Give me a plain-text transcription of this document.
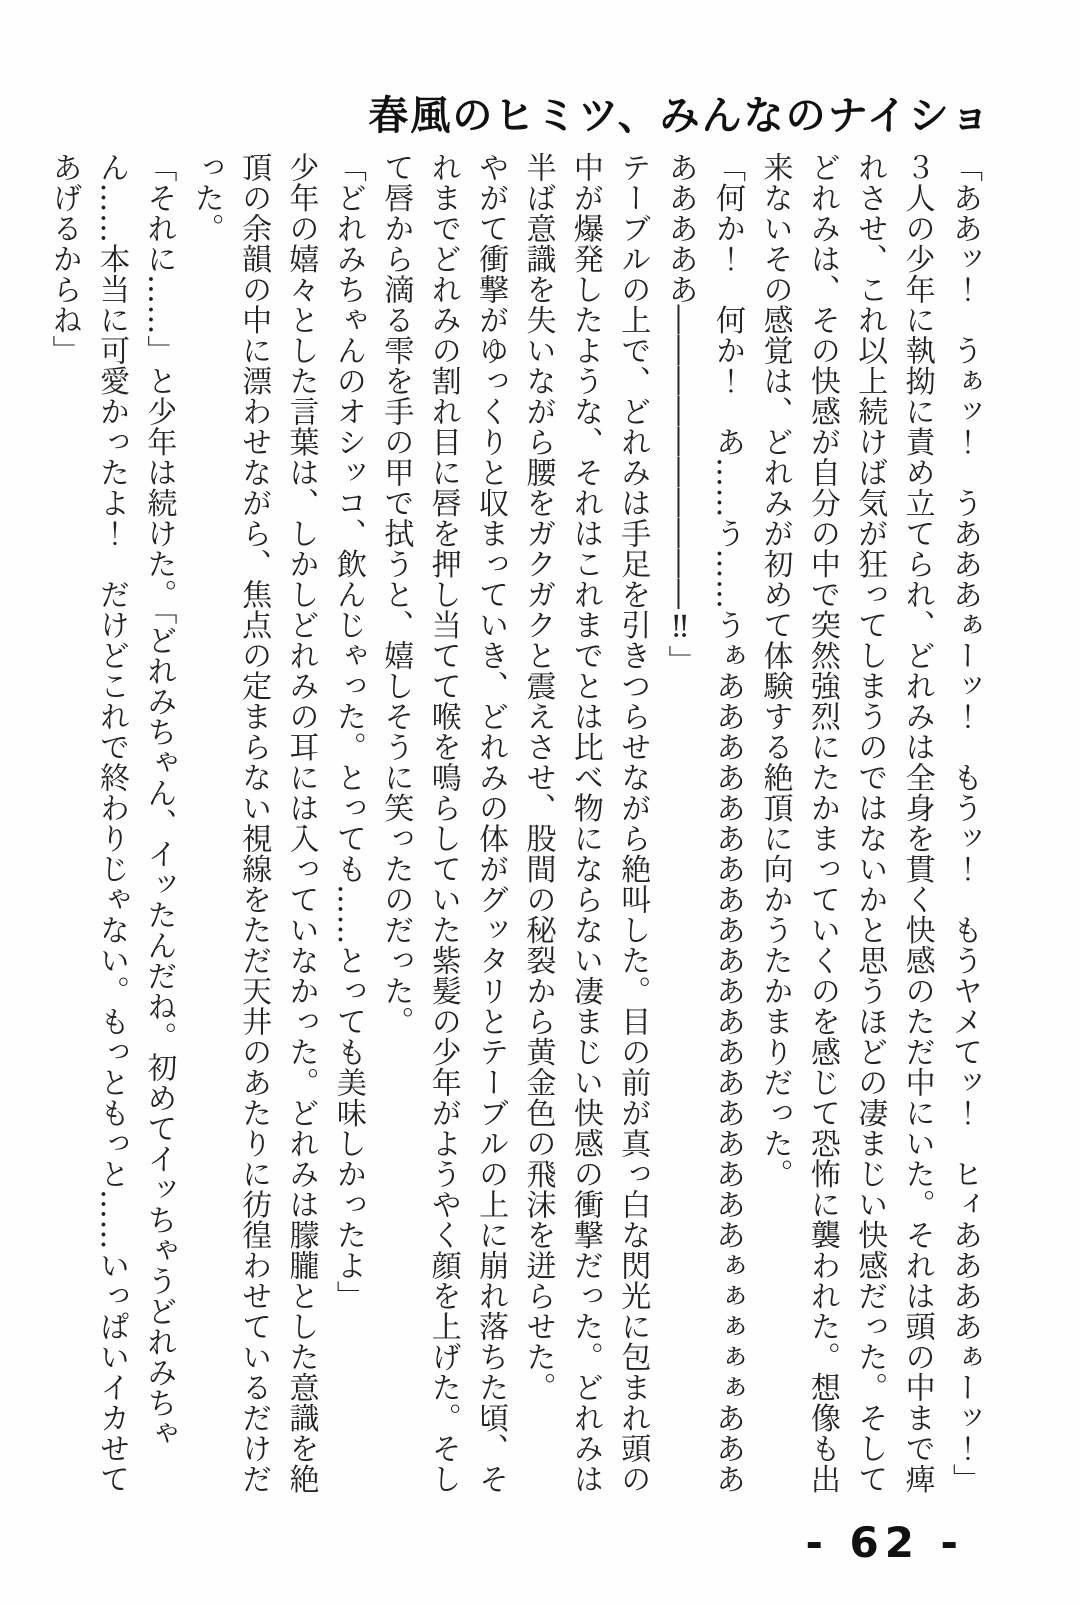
春風のヒミツ、みんなのナイショ

「ああッ！　うぁッ！　うあああぁーッ！　もうッ！　もうヤメてッ！　ヒィああああぁーッ！」

３人の少年に執拗に責め立てられ、どれみは全身を貫く快感のただ中にいた。それは頭の中まで痺れさせ、これ以上続けば気が狂ってしまうのではないかと思うほどの凄まじい快感だった。そしてどれみは、その快感が自分の中で突然強烈にたかまっていくのを感じて恐怖に襲われた。想像も出来ないその感覚は、どれみが初めて体験する絶頂に向かうたかまりだった。

「何か！　何か！　あ……う……うぁあああああああああああああああああああぁぁぁぁぁああああああああ――――――――――‼」

テーブルの上で、どれみは手足を引きつらせながら絶叫した。目の前が真っ白な閃光に包まれ頭の中が爆発したような、それはこれまでとは比べ物にならない凄まじい快感の衝撃だった。どれみは半ば意識を失いながら腰をガクガクと震えさせ、股間の秘裂から黄金色の飛沫を迸らせた。

やがて衝撃がゆっくりと収まっていき、どれみの体がグッタリとテーブルの上に崩れ落ちた頃、それまでどれみの割れ目に唇を押し当てて喉を鳴らしていた紫髪の少年がようやく顔を上げた。そして唇から滴る雫を手の甲で拭うと、嬉しそうに笑ったのだった。

「どれみちゃんのオシッコ、飲んじゃった。とっても……とっても美味しかったよ」

少年の嬉々とした言葉は、しかしどれみの耳には入っていなかった。どれみは朦朧とした意識を絶頂の余韻の中に漂わせながら、焦点の定まらない視線をただ天井のあたりに彷徨わせているだけだった。

「それに……」と少年は続けた。「どれみちゃん、イッたんだね。初めてイッちゃうどれみちゃん……本当に可愛かったよ！　だけどこれで終わりじゃない。もっともっと……いっぱいイカせてあげるからね」

- 62 -
